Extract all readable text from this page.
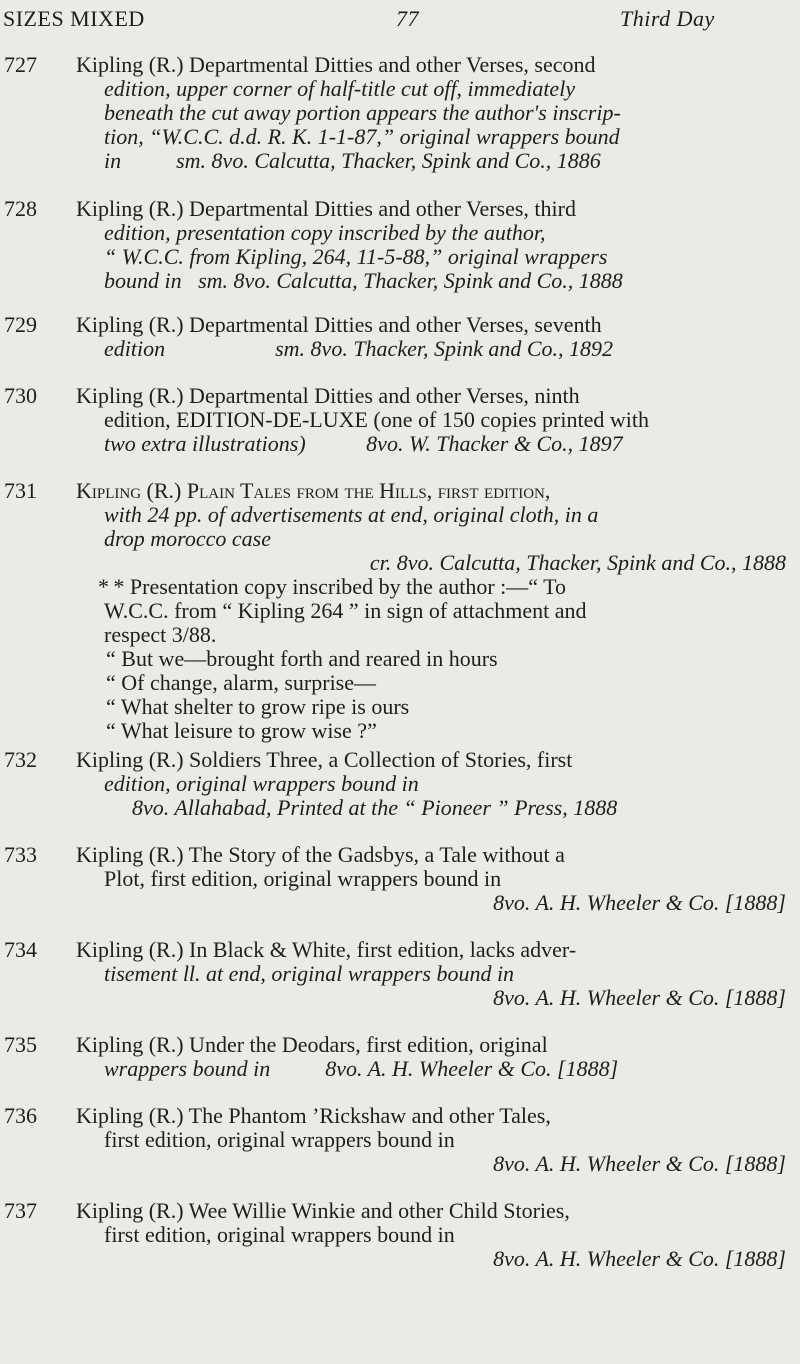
SIZES MIXED	77	Third Day
727	Kipling (R.) Departmental Ditties and other Verses, second
edition, upper corner of half-title cut off, immediately
beneath the cut away portion appears the author's inscrip-
tion, “W.C.C. d.d. R. K. 1-1-87,” original wrappers bound
in          sm. 8vo. Calcutta, Thacker, Spink and Co., 1886
728	Kipling (R.) Departmental Ditties and other Verses, third
edition, presentation copy inscribed by the author,
“ W.C.C. from Kipling, 264, 11-5-88,” original wrappers
bound in   sm. 8vo. Calcutta, Thacker, Spink and Co., 1888
729	Kipling (R.) Departmental Ditties and other Verses, seventh
edition                    sm. 8vo. Thacker, Spink and Co., 1892
730	Kipling (R.) Departmental Ditties and other Verses, ninth
edition, EDITION-DE-LUXE (one of 150 copies printed with
two extra illustrations)           8vo. W. Thacker & Co., 1897
731	Kipling (R.) Plain Tales from the Hills, first edition,
with 24 pp. of advertisements at end, original cloth, in a
drop morocco case
cr. 8vo. Calcutta, Thacker, Spink and Co., 1888
* * Presentation copy inscribed by the author :—“ To
W.C.C. from “ Kipling 264 ” in sign of attachment and
respect 3/88.
“ But we—brought forth and reared in hours
“ Of change, alarm, surprise—
“ What shelter to grow ripe is ours
“ What leisure to grow wise ?”
732	Kipling (R.) Soldiers Three, a Collection of Stories, first
edition, original wrappers bound in
8vo. Allahabad, Printed at the “ Pioneer ” Press, 1888
733	Kipling (R.) The Story of the Gadsbys, a Tale without a
Plot, first edition, original wrappers bound in
8vo. A. H. Wheeler & Co. [1888]
734	Kipling (R.) In Black & White, first edition, lacks adver-
tisement ll. at end, original wrappers bound in
8vo. A. H. Wheeler & Co. [1888]
735	Kipling (R.) Under the Deodars, first edition, original
wrappers bound in          8vo. A. H. Wheeler & Co. [1888]
736	Kipling (R.) The Phantom ’Rickshaw and other Tales,
first edition, original wrappers bound in
8vo. A. H. Wheeler & Co. [1888]
737	Kipling (R.) Wee Willie Winkie and other Child Stories,
first edition, original wrappers bound in
8vo. A. H. Wheeler & Co. [1888]
